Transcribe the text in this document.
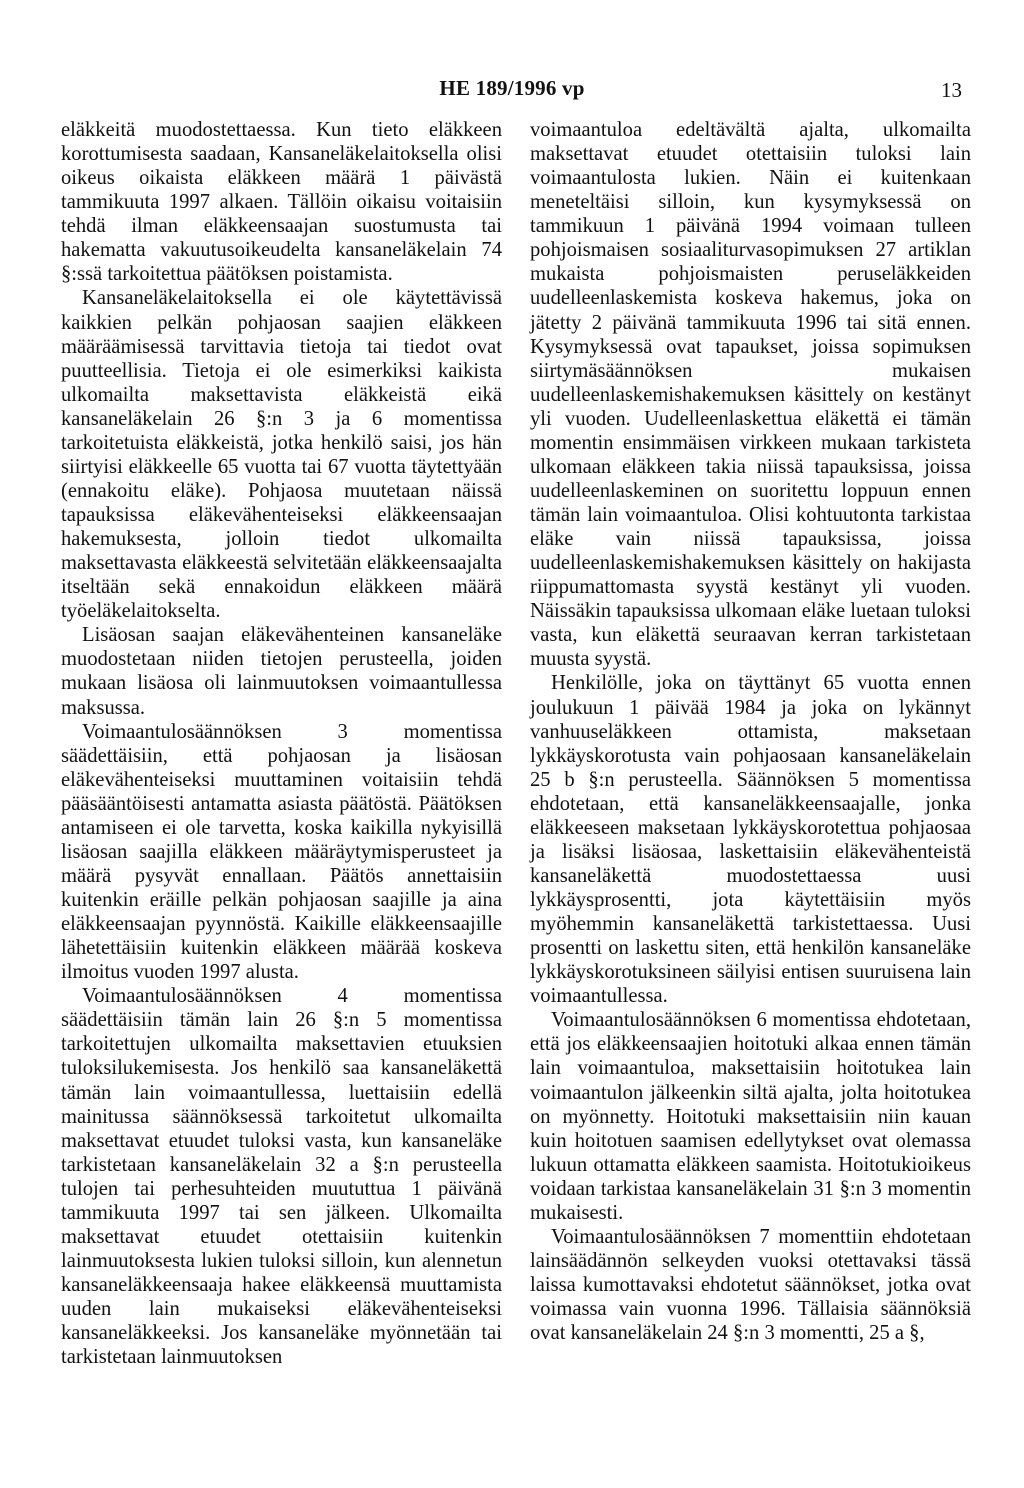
HE 189/1996 vp	13

eläkkeitä muodostettaessa. Kun tieto eläkkeen korottumisesta saadaan, Kansaneläkelaitoksella olisi oikeus oikaista eläkkeen määrä 1 päivästä tammikuuta 1997 alkaen. Tällöin oikaisu voitaisiin tehdä ilman eläkkeensaajan suostumusta tai hakematta vakuutusoikeudelta kansaneläkelain 74 §:ssä tarkoitettua päätöksen poistamista.

Kansaneläkelaitoksella ei ole käytettävissä kaikkien pelkän pohjaosan saajien eläkkeen määräämisessä tarvittavia tietoja tai tiedot ovat puutteellisia. Tietoja ei ole esimerkiksi kaikista ulkomailta maksettavista eläkkeistä eikä kansaneläkelain 26 §:n 3 ja 6 momentissa tarkoitetuista eläkkeistä, jotka henkilö saisi, jos hän siirtyisi eläkkeelle 65 vuotta tai 67 vuotta täytettyään (ennakoitu eläke). Pohjaosa muutetaan näissä tapauksissa eläkevähenteiseksi eläkkeensaajan hakemuksesta, jolloin tiedot ulkomailta maksettavasta eläkkeestä selvitetään eläkkeensaajalta itseltään sekä ennakoidun eläkkeen määrä työeläkelaitokselta.

Lisäosan saajan eläkevähenteinen kansaneläke muodostetaan niiden tietojen perusteella, joiden mukaan lisäosa oli lainmuutoksen voimaantullessa maksussa.

Voimaantulosäännöksen 3 momentissa säädettäisiin, että pohjaosan ja lisäosan eläkevähenteiseksi muuttaminen voitaisiin tehdä pääsääntöisesti antamatta asiasta päätöstä. Päätöksen antamiseen ei ole tarvetta, koska kaikilla nykyisillä lisäosan saajilla eläkkeen määräytymisperusteet ja määrä pysyvät ennallaan. Päätös annettaisiin kuitenkin eräille pelkän pohjaosan saajille ja aina eläkkeensaajan pyynnöstä. Kaikille eläkkeensaajille lähetettäisiin kuitenkin eläkkeen määrää koskeva ilmoitus vuoden 1997 alusta.

Voimaantulosäännöksen 4 momentissa säädettäisiin tämän lain 26 §:n 5 momentissa tarkoitettujen ulkomailta maksettavien etuuksien tuloksilukemisesta. Jos henkilö saa kansaneläkettä tämän lain voimaantullessa, luettaisiin edellä mainitussa säännöksessä tarkoitetut ulkomailta maksettavat etuudet tuloksi vasta, kun kansaneläke tarkistetaan kansaneläkelain 32 a §:n perusteella tulojen tai perhesuhteiden muututtua 1 päivänä tammikuuta 1997 tai sen jälkeen. Ulkomailta maksettavat etuudet otettaisiin kuitenkin lainmuutoksesta lukien tuloksi silloin, kun alennetun kansaneläkkeensaaja hakee eläkkeensä muuttamista uuden lain mukaiseksi eläkevähenteiseksi kansaneläkkeeksi. Jos kansaneläke myönnetään tai tarkistetaan lainmuutoksen

voimaantuloa edeltävältä ajalta, ulkomailta maksettavat etuudet otettaisiin tuloksi lain voimaantulosta lukien. Näin ei kuitenkaan meneteltäisi silloin, kun kysymyksessä on tammikuun 1 päivänä 1994 voimaan tulleen pohjoismaisen sosiaaliturvasopimuksen 27 artiklan mukaista pohjoismaisten peruseläkkeiden uudelleenlaskemista koskeva hakemus, joka on jätetty 2 päivänä tammikuuta 1996 tai sitä ennen. Kysymyksessä ovat tapaukset, joissa sopimuksen siirtymäsäännöksen mukaisen uudelleenlaskemishakemuksen käsittely on kestänyt yli vuoden. Uudelleenlaskettua eläkettä ei tämän momentin ensimmäisen virkkeen mukaan tarkisteta ulkomaan eläkkeen takia niissä tapauksissa, joissa uudelleenlaskeminen on suoritettu loppuun ennen tämän lain voimaantuloa. Olisi kohtuutonta tarkistaa eläke vain niissä tapauksissa, joissa uudelleenlaskemishakemuksen käsittely on hakijasta riippumattomasta syystä kestänyt yli vuoden. Näissäkin tapauksissa ulkomaan eläke luetaan tuloksi vasta, kun eläkettä seuraavan kerran tarkistetaan muusta syystä.

Henkilölle, joka on täyttänyt 65 vuotta ennen joulukuun 1 päivää 1984 ja joka on lykännyt vanhuuseläkkeen ottamista, maksetaan lykkäyskorotusta vain pohjaosaan kansaneläkelain 25 b §:n perusteella. Säännöksen 5 momentissa ehdotetaan, että kansaneläkkeensaajalle, jonka eläkkeeseen maksetaan lykkäyskorotettua pohjaosaa ja lisäksi lisäosaa, laskettaisiin eläkevähenteistä kansaneläkettä muodostettaessa uusi lykkäysprosentti, jota käytettäisiin myös myöhemmin kansaneläkettä tarkistettaessa. Uusi prosentti on laskettu siten, että henkilön kansaneläke lykkäyskorotuksineen säilyisi entisen suuruisena lain voimaantullessa.

Voimaantulosäännöksen 6 momentissa ehdotetaan, että jos eläkkeensaajien hoitotuki alkaa ennen tämän lain voimaantuloa, maksettaisiin hoitotukea lain voimaantulon jälkeenkin siltä ajalta, jolta hoitotukea on myönnetty. Hoitotuki maksettaisiin niin kauan kuin hoitotuen saamisen edellytykset ovat olemassa lukuun ottamatta eläkkeen saamista. Hoitotukioikeus voidaan tarkistaa kansaneläkelain 31 §:n 3 momentin mukaisesti.

Voimaantulosäännöksen 7 momenttiin ehdotetaan lainsäädännön selkeyden vuoksi otettavaksi tässä laissa kumottavaksi ehdotetut säännökset, jotka ovat voimassa vain vuonna 1996. Tällaisia säännöksiä ovat kansaneläkelain 24 §:n 3 momentti, 25 a §,
